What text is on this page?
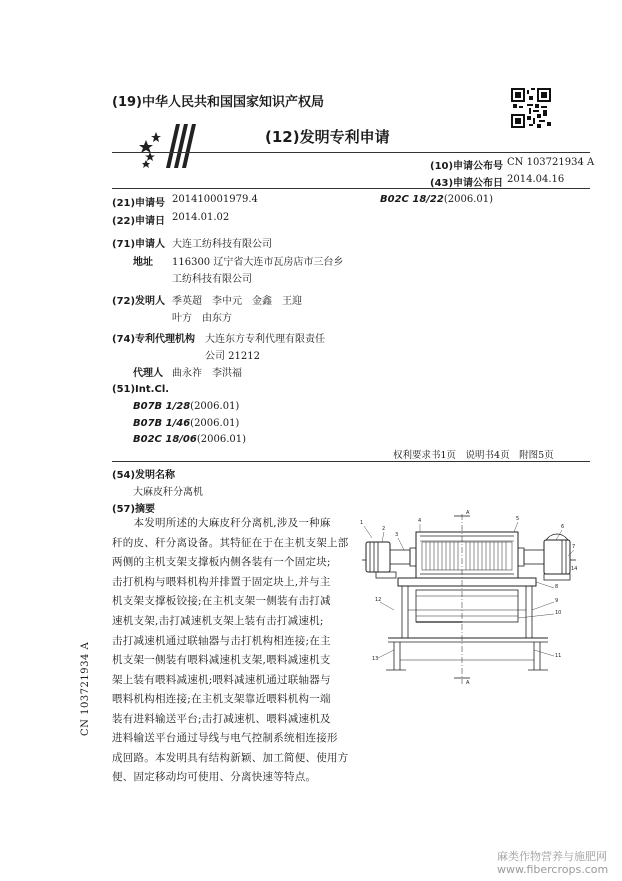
(19)中华人民共和国国家知识产权局
(12)发明专利申请
(10)申请公布号 CN 103721934 A
(43)申请公布日 2014.04.16
(21)申请号 201410001979.4	B02C 18/22(2006.01)
(22)申请日 2014.01.02
(71)申请人 大连工纺科技有限公司
地址 116300 辽宁省大连市瓦房店市三台乡
工纺科技有限公司
(72)发明人 季英超　李中元　金鑫　王迎
叶方　由东方
(74)专利代理机构 大连东方专利代理有限责任
公司 21212
代理人 曲永祚　李洪福
(51)Int.Cl.
B07B 1/28(2006.01)
B07B 1/46(2006.01)
B02C 18/06(2006.01)
权利要求书1页　说明书4页　附图5页
(54)发明名称
大麻皮秆分离机
(57)摘要
　　本发明所述的大麻皮秆分离机,涉及一种麻
秆的皮、秆分离设备。其特征在于在主机支架上部
两侧的主机支架支撑板内侧各装有一个固定块;
击打机构与喂料机构并排置于固定块上,并与主
机支架支撑板铰接;在主机支架一侧装有击打减
速机支架,击打减速机支架上装有击打减速机;
击打减速机通过联轴器与击打机构相连接;在主
机支架一侧装有喂料减速机支架,喂料减速机支
架上装有喂料减速机;喂料减速机通过联轴器与
喂料机构相连接;在主机支架靠近喂料机构一端
装有进料输送平台;击打减速机、喂料减速机及
进料输送平台通过导线与电气控制系统相连接形
成回路。本发明具有结构新颖、加工简便、使用方
便、固定移动均可使用、分离快速等特点。
1
2
3
4	5
6
7
8
9
10
11
12
13
14
A
A
CN 103721934 A
麻类作物营养与施肥网
www.fibercrops.com
